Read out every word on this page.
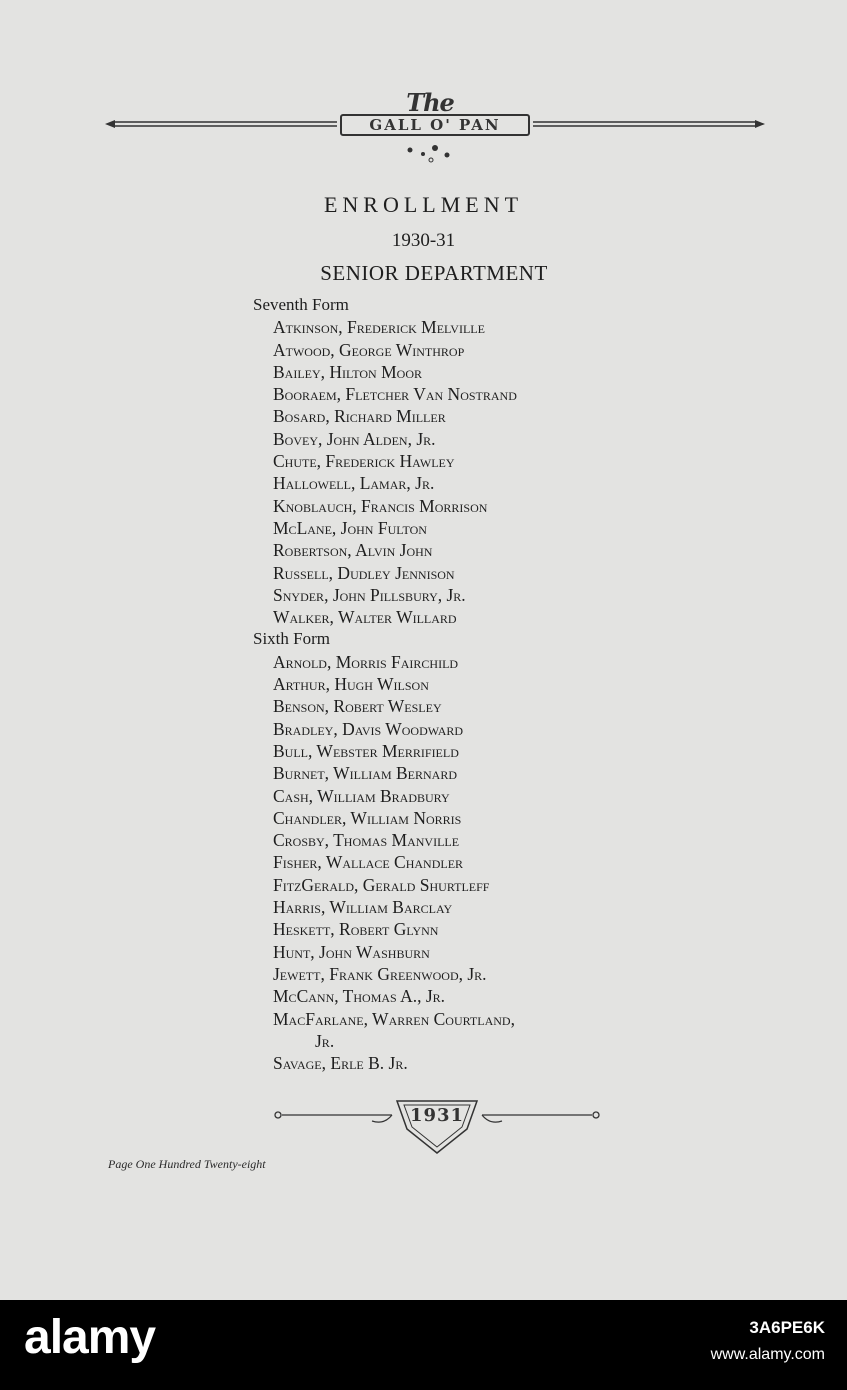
The
GALL O' PAN
ENROLLMENT
1930-31
SENIOR DEPARTMENT
Seventh Form
Atkinson, Frederick Melville
Atwood, George Winthrop
Bailey, Hilton Moor
Booraem, Fletcher Van Nostrand
Bosard, Richard Miller
Bovey, John Alden, Jr.
Chute, Frederick Hawley
Hallowell, Lamar, Jr.
Knoblauch, Francis Morrison
McLane, John Fulton
Robertson, Alvin John
Russell, Dudley Jennison
Snyder, John Pillsbury, Jr.
Walker, Walter Willard
Sixth Form
Arnold, Morris Fairchild
Arthur, Hugh Wilson
Benson, Robert Wesley
Bradley, Davis Woodward
Bull, Webster Merrifield
Burnet, William Bernard
Cash, William Bradbury
Chandler, William Norris
Crosby, Thomas Manville
Fisher, Wallace Chandler
FitzGerald, Gerald Shurtleff
Harris, William Barclay
Heskett, Robert Glynn
Hunt, John Washburn
Jewett, Frank Greenwood, Jr.
McCann, Thomas A., Jr.
MacFarlane, Warren Courtland,
Jr.
Savage, Erle B. Jr.
1931
Page One Hundred Twenty-eight
alamy	3A6PE6K
www.alamy.com
